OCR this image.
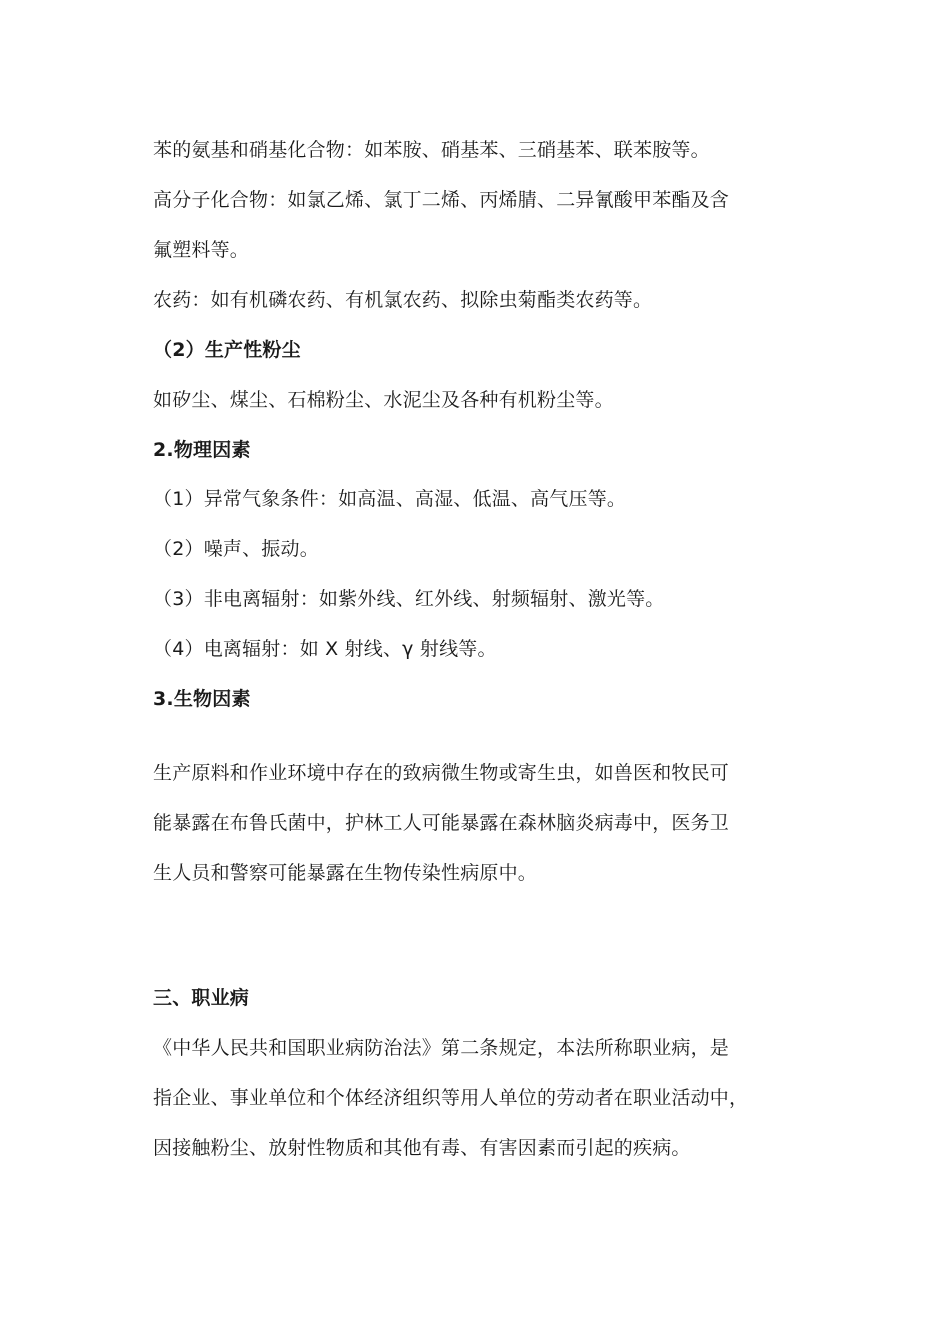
苯的氨基和硝基化合物：如苯胺、硝基苯、三硝基苯、联苯胺等。
高分子化合物：如氯乙烯、氯丁二烯、丙烯腈、二异氰酸甲苯酯及含
氟塑料等。
农药：如有机磷农药、有机氯农药、拟除虫菊酯类农药等。
（2）生产性粉尘
如矽尘、煤尘、石棉粉尘、水泥尘及各种有机粉尘等。
2.物理因素
（1）异常气象条件：如高温、高湿、低温、高气压等。
（2）噪声、振动。
（3）非电离辐射：如紫外线、红外线、射频辐射、激光等。
（4）电离辐射：如 X 射线、γ 射线等。
3.生物因素
生产原料和作业环境中存在的致病微生物或寄生虫，如兽医和牧民可
能暴露在布鲁氏菌中，护林工人可能暴露在森林脑炎病毒中，医务卫
生人员和警察可能暴露在生物传染性病原中。
三、职业病
《中华人民共和国职业病防治法》第二条规定，本法所称职业病，是
指企业、事业单位和个体经济组织等用人单位的劳动者在职业活动中，
因接触粉尘、放射性物质和其他有毒、有害因素而引起的疾病。
